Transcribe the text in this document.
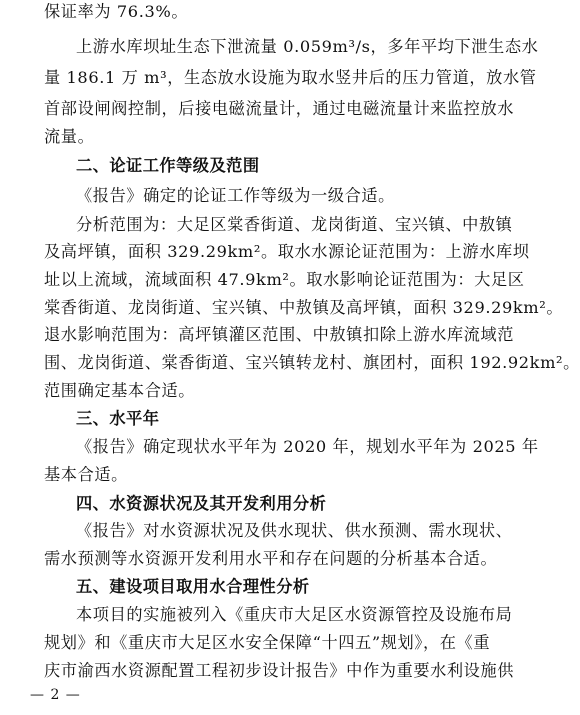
保证率为 76.3%。
上游水库坝址生态下泄流量 0.059m³/s，多年平均下泄生态水
量 186.1 万 m³，生态放水设施为取水竖井后的压力管道，放水管
首部设闸阀控制，后接电磁流量计，通过电磁流量计来监控放水
流量。
二、论证工作等级及范围
《报告》确定的论证工作等级为一级合适。
分析范围为：大足区棠香街道、龙岗街道、宝兴镇、中敖镇
及高坪镇，面积 329.29km²。取水水源论证范围为：上游水库坝
址以上流域，流域面积 47.9km²。取水影响论证范围为：大足区
棠香街道、龙岗街道、宝兴镇、中敖镇及高坪镇，面积 329.29km²。
退水影响范围为：高坪镇灌区范围、中敖镇扣除上游水库流域范
围、龙岗街道、棠香街道、宝兴镇转龙村、旗团村，面积 192.92km²。
范围确定基本合适。
三、水平年
《报告》确定现状水平年为 2020 年，规划水平年为 2025 年
基本合适。
四、水资源状况及其开发利用分析
《报告》对水资源状况及供水现状、供水预测、需水现状、
需水预测等水资源开发利用水平和存在问题的分析基本合适。
五、建设项目取用水合理性分析
本项目的实施被列入《重庆市大足区水资源管控及设施布局
规划》和《重庆市大足区水安全保障“十四五”规划》，在《重
庆市渝西水资源配置工程初步设计报告》中作为重要水利设施供
— 2 —
